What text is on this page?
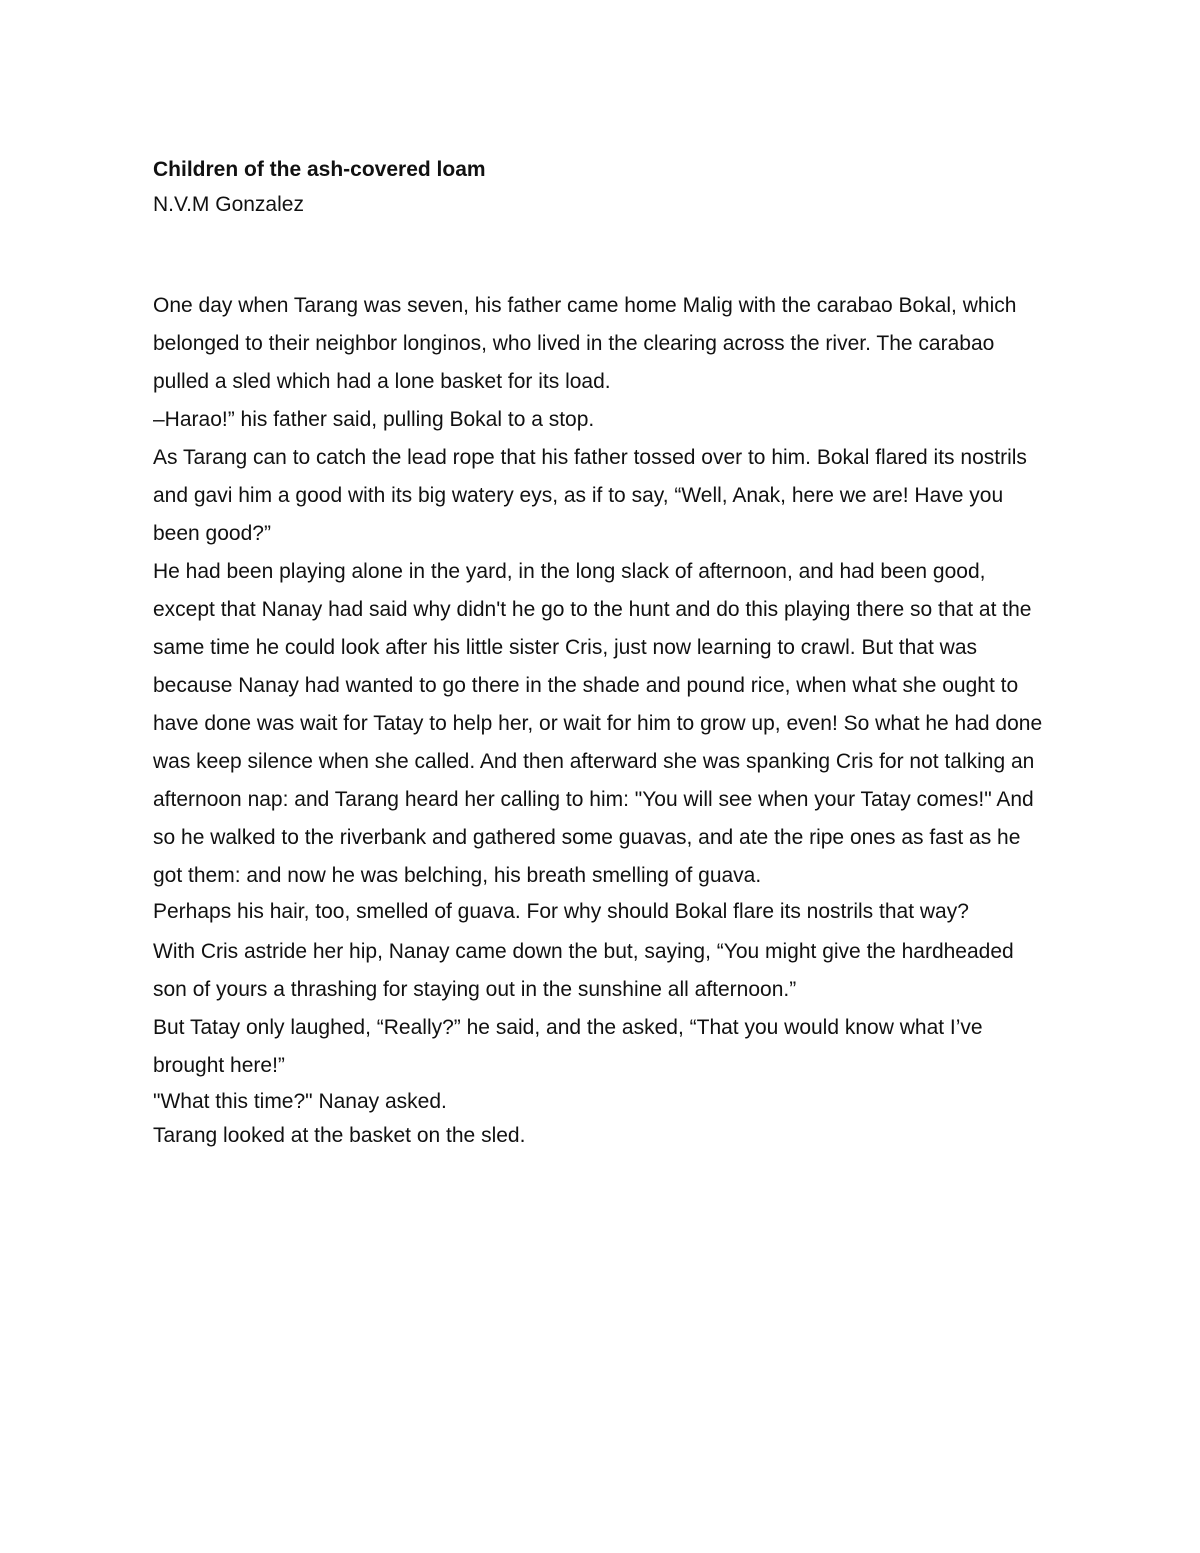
Children of the ash-covered loam

N.V.M Gonzalez

One day when Tarang was seven, his father came home Malig with the carabao Bokal, which belonged to their neighbor longinos, who lived in the clearing across the river. The carabao pulled a sled which had a lone basket for its load.

–Harao!” his father said, pulling Bokal to a stop.

As Tarang can to catch the lead rope that his father tossed over to him. Bokal flared its nostrils and gavi him a good with its big watery eys, as if to say, “Well, Anak, here we are! Have you been good?”

He had been playing alone in the yard, in the long slack of afternoon, and had been good, except that Nanay had said why didn't he go to the hunt and do this playing there so that at the same time he could look after his little sister Cris, just now learning to crawl. But that was because Nanay had wanted to go there in the shade and pound rice, when what she ought to have done was wait for Tatay to help her, or wait for him to grow up, even! So what he had done was keep silence when she called. And then afterward she was spanking Cris for not talking an afternoon nap: and Tarang heard her calling to him: "You will see when your Tatay comes!" And so he walked to the riverbank and gathered some guavas, and ate the ripe ones as fast as he got them: and now he was belching, his breath smelling of guava.

Perhaps his hair, too, smelled of guava. For why should Bokal flare its nostrils that way?

With Cris astride her hip, Nanay came down the but, saying, “You might give the hardheaded son of yours a thrashing for staying out in the sunshine all afternoon.”

But Tatay only laughed, “Really?” he said, and the asked, “That you would know what I’ve brought here!”

"What this time?" Nanay asked.

Tarang looked at the basket on the sled.
